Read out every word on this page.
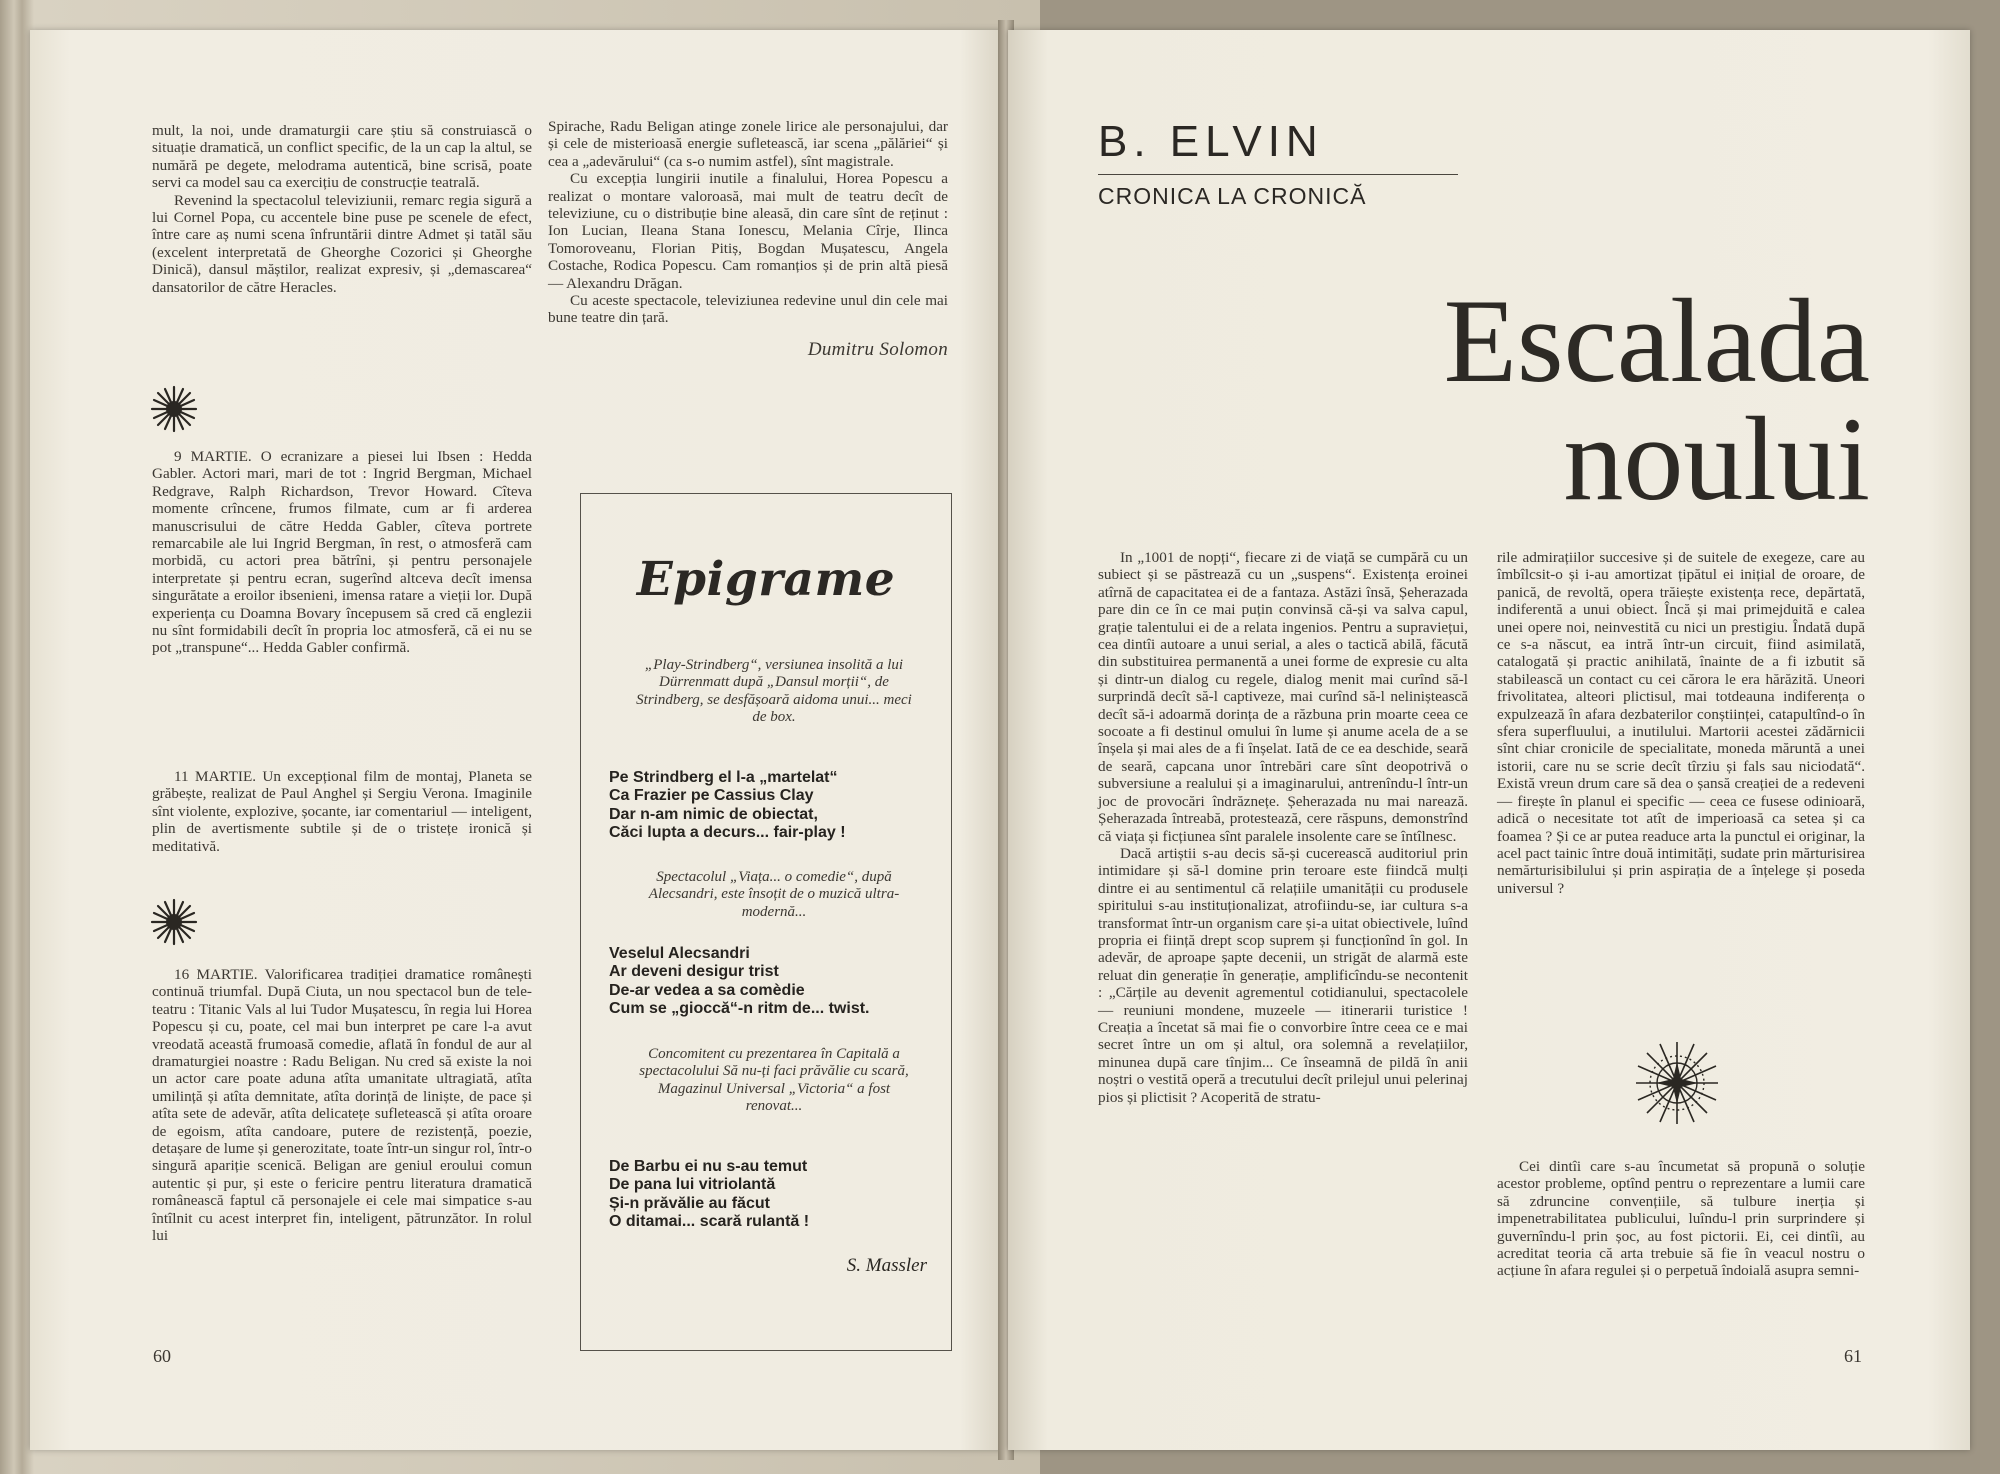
mult, la noi, unde dramaturgii care știu să construiască o situație dramatică, un conflict specific, de la un cap la altul, se numără pe degete, melodrama autentică, bine scrisă, poate servi ca model sau ca exercițiu de construcție teatrală.

Revenind la spectacolul televiziunii, remarc regia sigură a lui Cornel Popa, cu accentele bine puse pe scenele de efect, între care aș numi scena înfruntării dintre Admet și tatăl său (excelent interpretată de Gheorghe Cozorici și Gheorghe Dinică), dansul măștilor, realizat expresiv, și „demascarea“ dansatorilor de către Heracles.

9 MARTIE. O ecranizare a piesei lui Ibsen : Hedda Gabler. Actori mari, mari de tot : Ingrid Bergman, Michael Redgrave, Ralph Richardson, Trevor Howard. Cîteva momente crîncene, frumos filmate, cum ar fi arderea manuscrisului de către Hedda Gabler, cîteva portrete remarcabile ale lui Ingrid Bergman, în rest, o atmosferă cam morbidă, cu actori prea bătrîni, și pentru personajele interpretate și pentru ecran, sugerînd altceva decît imensa singurătate a eroilor ibsenieni, imensa ratare a vieții lor. După experiența cu Doamna Bovary începusem să cred că englezii nu sînt formidabili decît în propria loc atmosferă, că ei nu se pot „transpune“... Hedda Gabler confirmă.

11 MARTIE. Un excepțional film de montaj, Planeta se grăbește, realizat de Paul Anghel și Sergiu Verona. Imaginile sînt violente, explozive, șocante, iar comentariul — inteligent, plin de avertismente subtile și de o tristețe ironică și meditativă.

16 MARTIE. Valorificarea tradiției dramatice românești continuă triumfal. După Ciuta, un nou spectacol bun de tele-teatru : Titanic Vals al lui Tudor Mușatescu, în regia lui Horea Popescu și cu, poate, cel mai bun interpret pe care l-a avut vreodată această frumoasă comedie, aflată în fondul de aur al dramaturgiei noastre : Radu Beligan. Nu cred să existe la noi un actor care poate aduna atîta umanitate ultragiată, atîta umilință și atîta demnitate, atîta dorință de liniște, de pace și atîta sete de adevăr, atîta delicatețe sufletească și atîta oroare de egoism, atîta candoare, putere de rezistență, poezie, detașare de lume și generozitate, toate într-un singur rol, într-o singură apariție scenică. Beligan are geniul eroului comun autentic și pur, și este o fericire pentru literatura dramatică românească faptul că personajele ei cele mai simpatice s-au întîlnit cu acest interpret fin, inteligent, pătrunzător. In rolul lui

Spirache, Radu Beligan atinge zonele lirice ale personajului, dar și cele de misterioasă energie sufletească, iar scena „pălăriei“ și cea a „adevărului“ (ca s-o numim astfel), sînt magistrale.

Cu excepția lungirii inutile a finalului, Horea Popescu a realizat o montare valoroasă, mai mult de teatru decît de televiziune, cu o distribuție bine aleasă, din care sînt de reținut : Ion Lucian, Ileana Stana Ionescu, Melania Cîrje, Ilinca Tomoroveanu, Florian Pitiș, Bogdan Mușatescu, Angela Costache, Rodica Popescu. Cam romanțios și de prin altă piesă — Alexandru Drăgan.

Cu aceste spectacole, televiziunea redevine unul din cele mai bune teatre din țară.

Dumitru Solomon
Epigrame
„Play-Strindberg“, versiunea insolită a lui Dürrenmatt după „Dansul morții“, de Strindberg, se desfășoară aidoma unui... meci de box.
Pe Strindberg el l-a „martelat“
Ca Frazier pe Cassius Clay
Dar n-am nimic de obiectat,
Căci lupta a decurs... fair-play !
Spectacolul „Viața... o comedie“, după Alecsandri, este însoțit de o muzică ultra-modernă...
Veselul Alecsandri
Ar deveni desigur trist
De-ar vedea a sa comèdie
Cum se „gioccă“-n ritm de... twist.
Concomitent cu prezentarea în Capitală a spectacolului Să nu-ți faci prăvălie cu scară, Magazinul Universal „Victoria“ a fost renovat...
De Barbu ei nu s-au temut
De pana lui vitriolantă
Și-n prăvălie au făcut
O ditamai... scară rulantă !
S. Massler
60
B. ELVIN
CRONICA LA CRONICĂ
Escalada
noului

In „1001 de nopți“, fiecare zi de viață se cumpără cu un subiect și se păstrează cu un „suspens“. Existența eroinei atîrnă de capacitatea ei de a fantaza. Astăzi însă, Șeherazada pare din ce în ce mai puțin convinsă că-și va salva capul, grație talentului ei de a relata ingenios. Pentru a supraviețui, cea dintîi autoare a unui serial, a ales o tactică abilă, făcută din substituirea permanentă a unei forme de expresie cu alta și dintr-un dialog cu regele, dialog menit mai curînd să-l surprindă decît să-l captiveze, mai curînd să-l neliniștească decît să-i adoarmă dorința de a răzbuna prin moarte ceea ce socoate a fi destinul omului în lume și anume acela de a se înșela și mai ales de a fi înșelat. Iată de ce ea deschide, seară de seară, capcana unor întrebări care sînt deopotrivă o subversiune a realului și a imaginarului, antrenîndu-l într-un joc de provocări îndrăznețe. Șeherazada nu mai narează. Șeherazada întreabă, protestează, cere răspuns, demonstrînd că viața și ficțiunea sînt paralele insolente care se întîlnesc.

Dacă artiștii s-au decis să-și cucerească auditoriul prin intimidare și să-l domine prin teroare este fiindcă mulți dintre ei au sentimentul că relațiile umanității cu produsele spiritului s-au instituționalizat, atrofiindu-se, iar cultura s-a transformat într-un organism care și-a uitat obiectivele, luînd propria ei ființă drept scop suprem și funcționînd în gol. In adevăr, de aproape șapte decenii, un strigăt de alarmă este reluat din generație în generație, amplificîndu-se necontenit : „Cărțile au devenit agrementul cotidianului, spectacolele — reuniuni mondene, muzeele — itinerarii turistice ! Creația a încetat să mai fie o convorbire între ceea ce e mai secret între un om și altul, ora solemnă a revelațiilor, minunea după care tînjim... Ce înseamnă de pildă în anii noștri o vestită operă a trecutului decît prilejul unui pelerinaj pios și plictisit ? Acoperită de stratu-

rile admirațiilor succesive și de suitele de exegeze, care au îmbîlcsit-o și i-au amortizat țipătul ei inițial de oroare, de panică, de revoltă, opera trăiește existența rece, depărtată, indiferentă a unui obiect. Încă și mai primejduită e calea unei opere noi, neinvestită cu nici un prestigiu. Îndată după ce s-a născut, ea intră într-un circuit, fiind asimilată, catalogată și practic anihilată, înainte de a fi izbutit să stabilească un contact cu cei cărora le era hărăzită. Uneori frivolitatea, alteori plictisul, mai totdeauna indiferența o expulzează în afara dezbaterilor conștiinței, catapultînd-o în sfera superfluului, a inutilului. Martorii acestei zădărnicii sînt chiar cronicile de specialitate, moneda măruntă a unei istorii, care nu se scrie decît tîrziu și fals sau niciodată“. Există vreun drum care să dea o șansă creației de a redeveni — firește în planul ei specific — ceea ce fusese odinioară, adică o necesitate tot atît de imperioasă ca setea și ca foamea ? Și ce ar putea readuce arta la punctul ei originar, la acel pact tainic între două intimități, sudate prin mărturisirea nemărturisibilului și prin aspirația de a înțelege și poseda universul ?

Cei dintîi care s-au încumetat să propună o soluție acestor probleme, optînd pentru o reprezentare a lumii care să zdruncine convențiile, să tulbure inerția și impenetrabilitatea publicului, luîndu-l prin surprindere și guvernîndu-l prin șoc, au fost pictorii. Ei, cei dintîi, au acreditat teoria că arta trebuie să fie în veacul nostru o acțiune în afara regulei și o perpetuă îndoială asupra semni-

61
